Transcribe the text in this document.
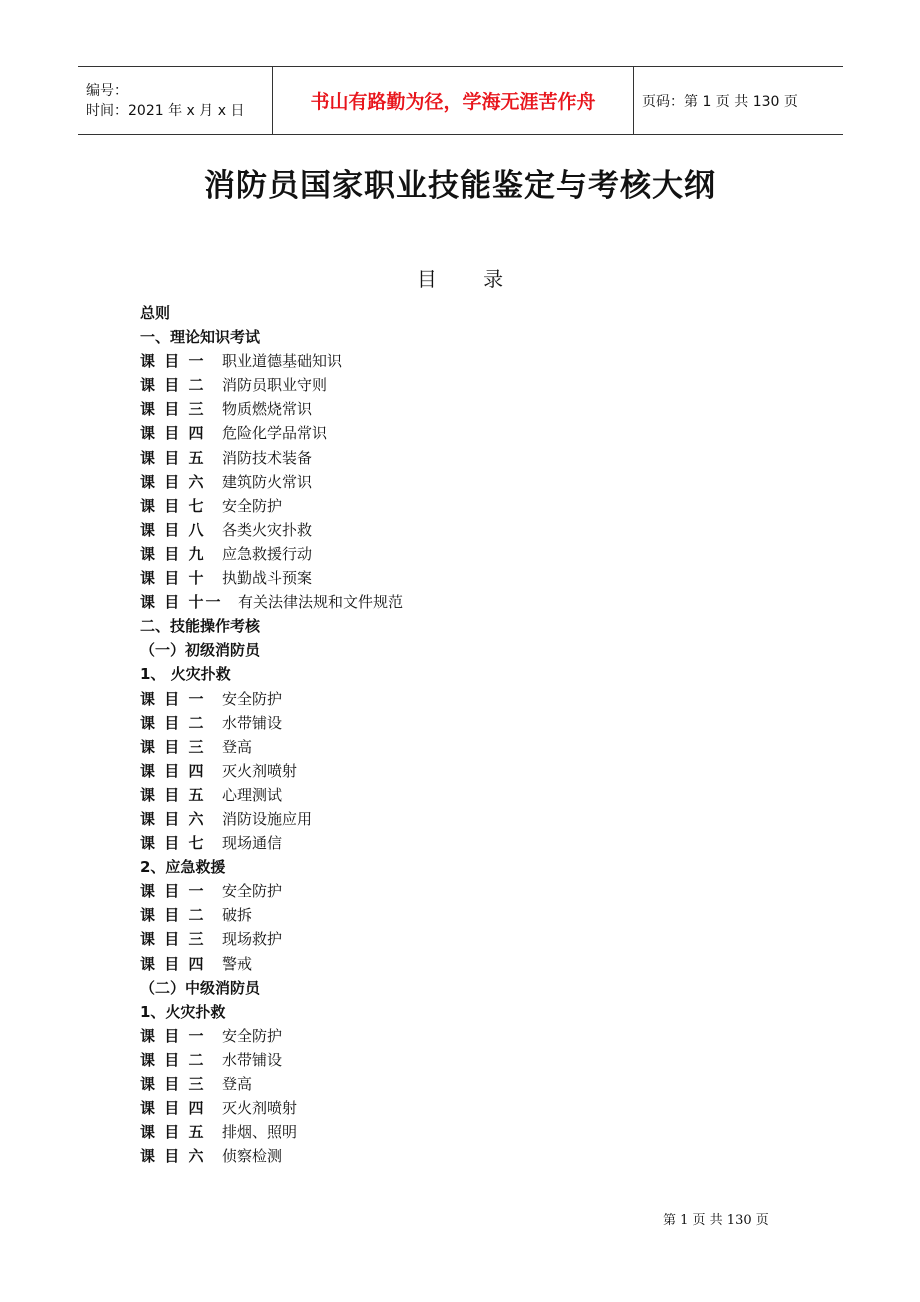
编号：
时间：2021 年 x 月 x 日	书山有路勤为径，学海无涯苦作舟	页码：第 1 页 共 130 页
消防员国家职业技能鉴定与考核大纲
目 录
总则
一、理论知识考试
课 目 一 职业道德基础知识
课 目 二 消防员职业守则
课 目 三 物质燃烧常识
课 目 四 危险化学品常识
课 目 五 消防技术装备
课 目 六 建筑防火常识
课 目 七 安全防护
课 目 八 各类火灾扑救
课 目 九 应急救援行动
课 目 十 执勤战斗预案
课 目 十一 有关法律法规和文件规范
二、技能操作考核
（一）初级消防员
1、 火灾扑救
课 目 一 安全防护
课 目 二 水带铺设
课 目 三 登高
课 目 四 灭火剂喷射
课 目 五 心理测试
课 目 六 消防设施应用
课 目 七 现场通信
2、应急救援
课 目 一 安全防护
课 目 二 破拆
课 目 三 现场救护
课 目 四 警戒
（二）中级消防员
1、火灾扑救
课 目 一 安全防护
课 目 二 水带铺设
课 目 三 登高
课 目 四 灭火剂喷射
课 目 五 排烟、照明
课 目 六 侦察检测
第 1 页 共 130 页
